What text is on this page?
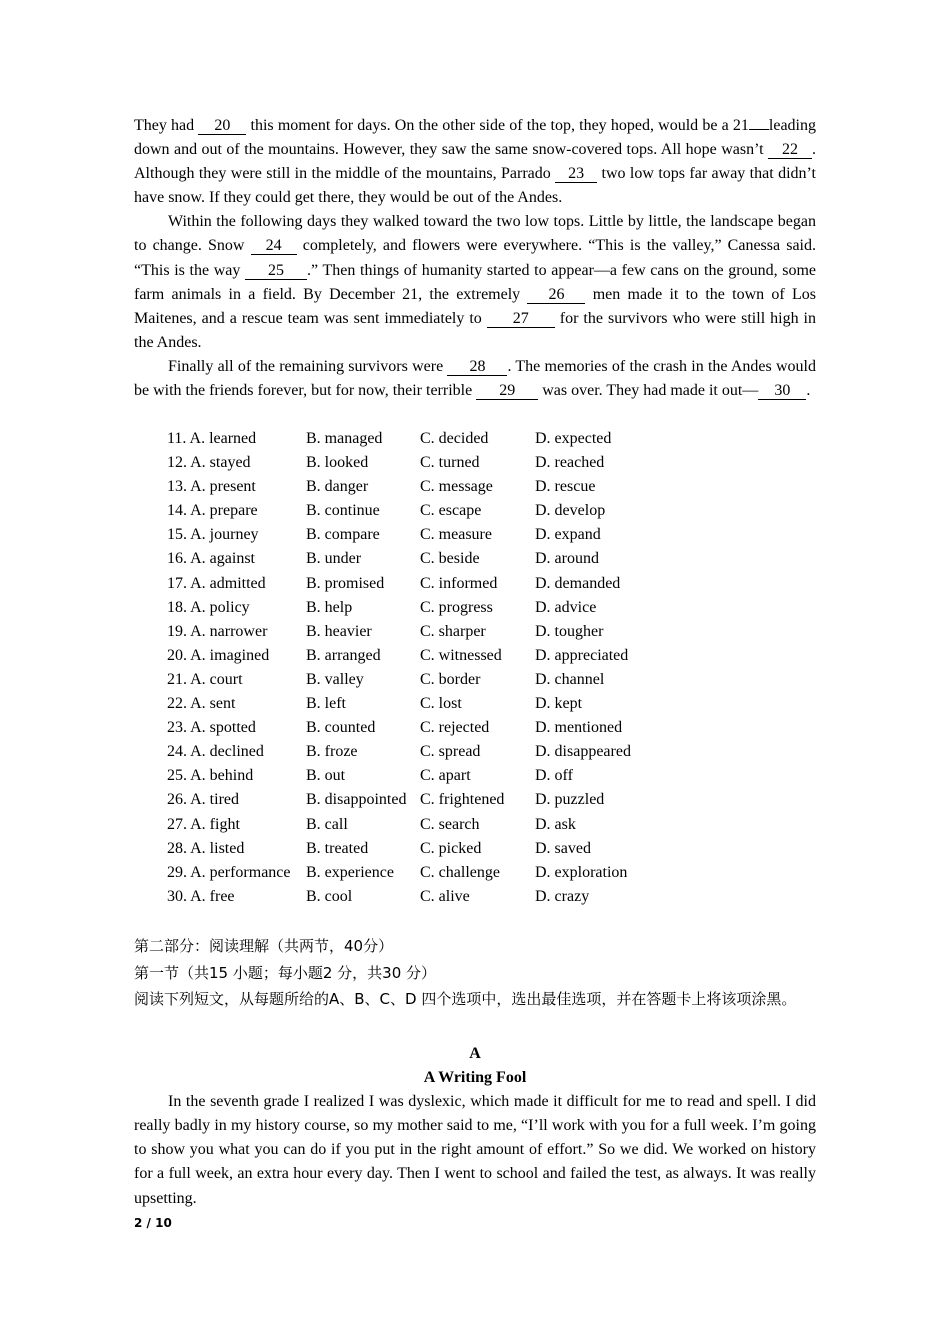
They had 20 this moment for days. On the other side of the top, they hoped, would be a 21 leading down and out of the mountains. However, they saw the same snow-covered tops. All hope wasn’t 22 . Although they were still in the middle of the mountains, Parrado 23 two low tops far away that didn’t have snow. If they could get there, they would be out of the Andes.

Within the following days they walked toward the two low tops. Little by little, the landscape began to change. Snow 24 completely, and flowers were everywhere. “This is the valley,” Canessa said. “This is the way 25 .” Then things of humanity started to appear—a few cans on the ground, some farm animals in a field. By December 21, the extremely 26 men made it to the town of Los Maitenes, and a rescue team was sent immediately to 27 for the survivors who were still high in the Andes.

Finally all of the remaining survivors were 28 . The memories of the crash in the Andes would be with the friends forever, but for now, their terrible 29 was over. They had made it out— 30 .

11. A. learned	B. managed C. decided	D. expected
12. A. stayed	B. looked	C. turned	D. reached
13. A. present	B. danger	C. message	D. rescue
14. A. prepare	B. continue	C. escape	D. develop
15. A. journey	B. compare	C. measure	D. expand
16. A. against	B. under	C. beside	D. around
17. A. admitted	B. promised C. informed D. demanded
18. A. policy	B. help	C. progress	D. advice
19. A. narrower B. heavier	C. sharper	D. tougher
20. A. imagined B. arranged C. witnessed D. appreciated
21. A. court	B. valley	C. border	D. channel
22. A. sent	B. left	C. lost	D. kept
23. A. spotted	B. counted	C. rejected	D. mentioned
24. A. declined	B. froze	C. spread	D. disappeared
25. A. behind	B. out	C. apart	D. off
26. A. tired	B. disappointed C. frightened D. puzzled
27. A. fight	B. call	C. search	D. ask
28. A. listed	B. treated	C. picked	D. saved
29. A. performance B. experience C. challenge D. exploration
30. A. free	B. cool	C. alive	D. crazy

第二部分：阅读理解（共两节，40分）

第一节（共15 小题；每小题2 分，共30 分）

阅读下列短文，从每题所给的A、B、C、D 四个选项中，选出最佳选项，并在答题卡上将该项涂黑。

A

A Writing Fool

In the seventh grade I realized I was dyslexic, which made it difficult for me to read and spell. I did really badly in my history course, so my mother said to me, “I’ll work with you for a full week. I’m going to show you what you can do if you put in the right amount of effort.” So we did. We worked on history for a full week, an extra hour every day. Then I went to school and failed the test, as always. It was really upsetting.

2 / 10
